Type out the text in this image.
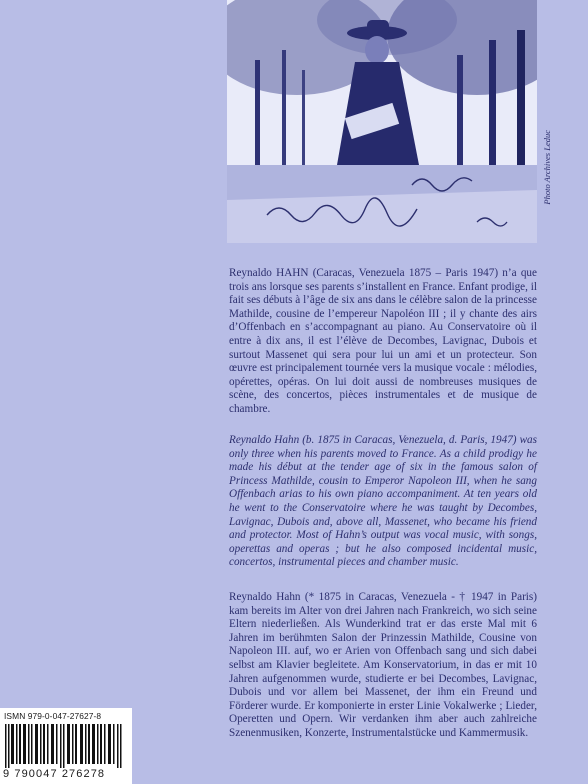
Photo Archives Leduc
Reynaldo HAHN (Caracas, Venezuela 1875 – Paris 1947) n’a que trois ans lorsque ses parents s’installent en France. Enfant prodige, il fait ses débuts à l’âge de six ans dans le célèbre salon de la princesse Mathilde, cousine de l’empereur Napoléon III ; il y chante des airs d’Offenbach en s’accompagnant au piano. Au Conservatoire où il entre à dix ans, il est l’élève de Decombes, Lavignac, Dubois et surtout Massenet qui sera pour lui un ami et un protecteur. Son œuvre est principalement tournée vers la musique vocale : mélodies, opérettes, opéras. On lui doit aussi de nombreuses musiques de scène, des concertos, pièces instrumentales et de musique de chambre.
Reynaldo Hahn (b. 1875 in Caracas, Venezuela, d. Paris, 1947) was only three when his parents moved to France. As a child prodigy he made his début at the tender age of six in the famous salon of Princess Mathilde, cousin to Emperor Napoleon III, when he sang Offenbach arias to his own piano accompaniment. At ten years old he went to the Conservatoire where he was taught by Decombes, Lavignac, Dubois and, above all, Massenet, who became his friend and protector. Most of Hahn’s output was vocal music, with songs, operettas and operas ; but he also composed incidental music, concertos, instrumental pieces and chamber music.
Reynaldo Hahn (* 1875 in Caracas, Venezuela - † 1947 in Paris) kam bereits im Alter von drei Jahren nach Frankreich, wo sich seine Eltern niederließen. Als Wunderkind trat er das erste Mal mit 6 Jahren im berühmten Salon der Prinzessin Mathilde, Cousine von Napoleon III. auf, wo er Arien von Offenbach sang und sich dabei selbst am Klavier begleitete. Am Konservatorium, in das er mit 10 Jahren aufgenommen wurde, studierte er bei Decombes, Lavignac, Dubois und vor allem bei Massenet, der ihm ein Freund und Förderer wurde. Er komponierte in erster Linie Vokalwerke ; Lieder, Operetten und Opern. Wir verdanken ihm aber auch zahlreiche Szenenmusiken, Konzerte, Instrumentalstücke und Kammermusik.
ISMN 979-0-047-27627-8
9 790047 276278
